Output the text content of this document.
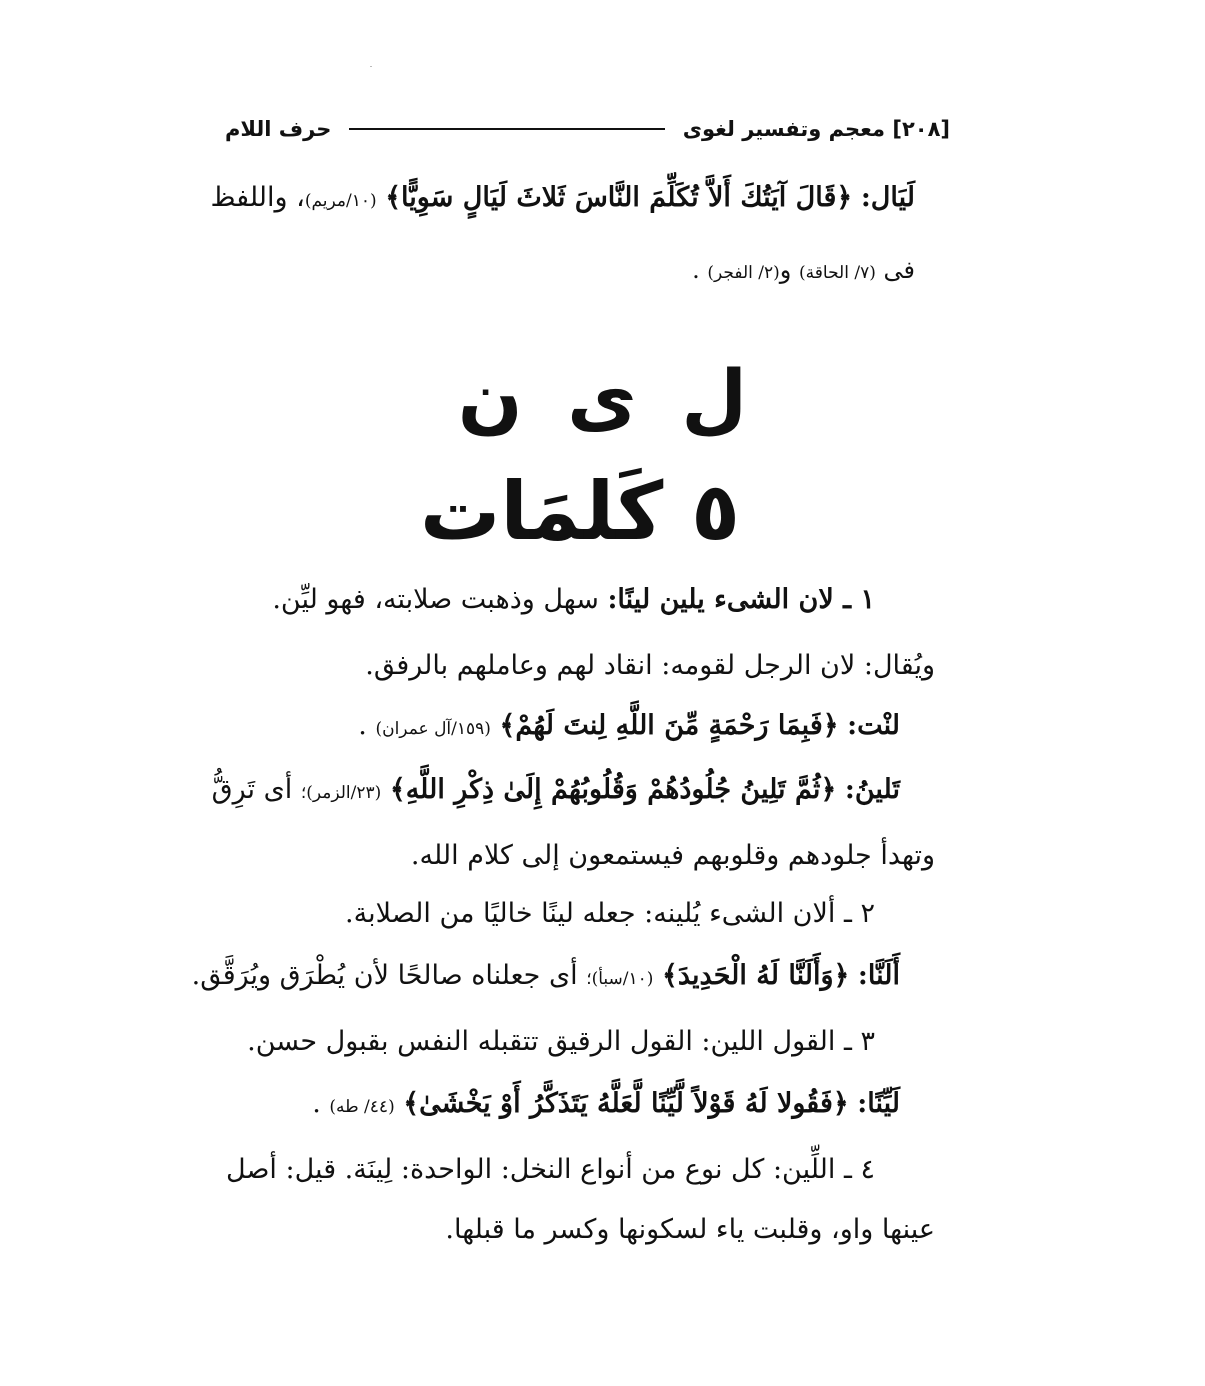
[٢٠٨] معجم وتفسير لغوى
حرف اللام
لَيَال: ﴿قَالَ آيَتُكَ أَلاَّ تُكَلِّمَ النَّاسَ ثَلاثَ لَيَالٍ سَوِيًّا﴾ (١٠/مريم)، واللفظ
فى (٧/ الحاقة) و(٢/ الفجر) .
ل ى ن
٥ كَلمَات
١ ـ لان الشىء يلين لينًا: سهل وذهبت صلابته، فهو ليِّن.
ويُقال: لان الرجل لقومه: انقاد لهم وعاملهم بالرفق.
لنْت: ﴿فَبِمَا رَحْمَةٍ مِّنَ اللَّهِ لِنتَ لَهُمْ﴾ (١٥٩/آل عمران) .
تَلينُ: ﴿ثُمَّ تَلِينُ جُلُودُهُمْ وَقُلُوبُهُمْ إِلَىٰ ذِكْرِ اللَّهِ﴾ (٢٣/الزمر)؛ أى تَرِقُّ
وتهدأ جلودهم وقلوبهم فيستمعون إلى كلام الله.
٢ ـ ألان الشىء يُلينه: جعله لينًا خاليًا من الصلابة.
أَلَنَّا: ﴿وَأَلَنَّا لَهُ الْحَدِيدَ﴾ (١٠/سبأ)؛ أى جعلناه صالحًا لأن يُطْرَق ويُرَقَّق.
٣ ـ القول اللين: القول الرقيق تتقبله النفس بقبول حسن.
لَيِّنًا: ﴿فَقُولا لَهُ قَوْلاً لَّيِّنًا لَّعَلَّهُ يَتَذَكَّرُ أَوْ يَخْشَىٰ﴾ (٤٤/ طه) .
٤ ـ اللِّين: كل نوع من أنواع النخل: الواحدة: لِينَة. قيل: أصل
عينها واو، وقلبت ياء لسكونها وكسر ما قبلها.
